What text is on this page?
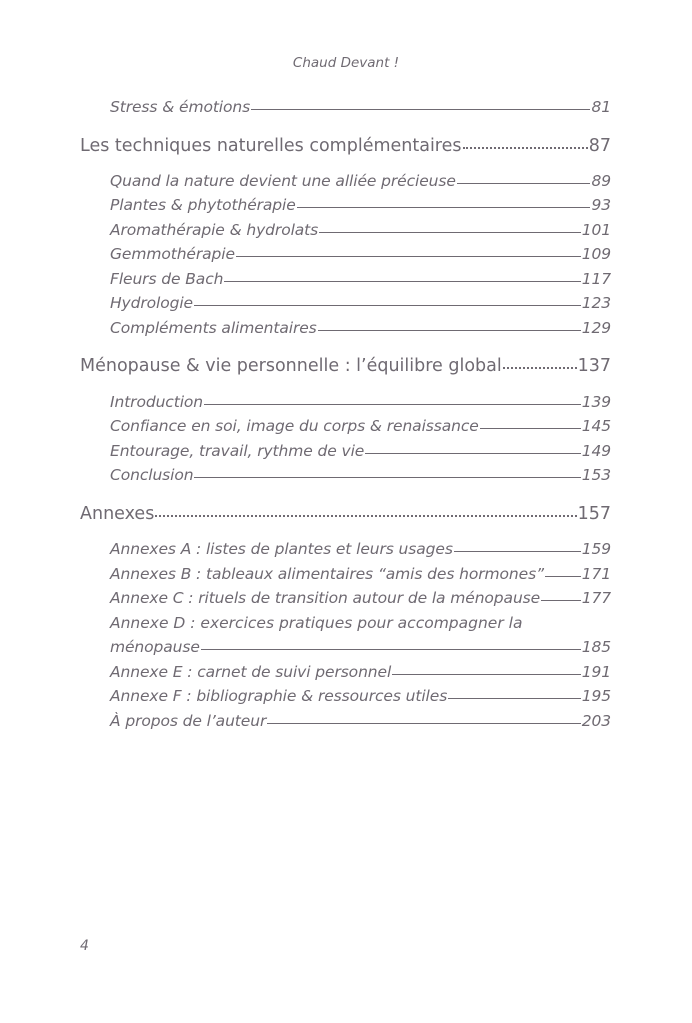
Chaud Devant !
Stress & émotions	81
Les techniques naturelles complémentaires	87
Quand la nature devient une alliée précieuse	89
Plantes & phytothérapie	93
Aromathérapie & hydrolats	101
Gemmothérapie	109
Fleurs de Bach	117
Hydrologie	123
Compléments alimentaires	129
Ménopause & vie personnelle : l’équilibre global	137
Introduction	139
Confiance en soi, image du corps & renaissance	145
Entourage, travail, rythme de vie	149
Conclusion	153
Annexes	157
Annexes A : listes de plantes et leurs usages	159
Annexes B : tableaux alimentaires “amis des hormones” 171
Annexe C : rituels de transition autour de la ménopause	177
Annexe D : exercices pratiques pour accompagner la
ménopause	185
Annexe E : carnet de suivi personnel	191
Annexe F : bibliographie & ressources utiles	195
À propos de l’auteur	203
4
